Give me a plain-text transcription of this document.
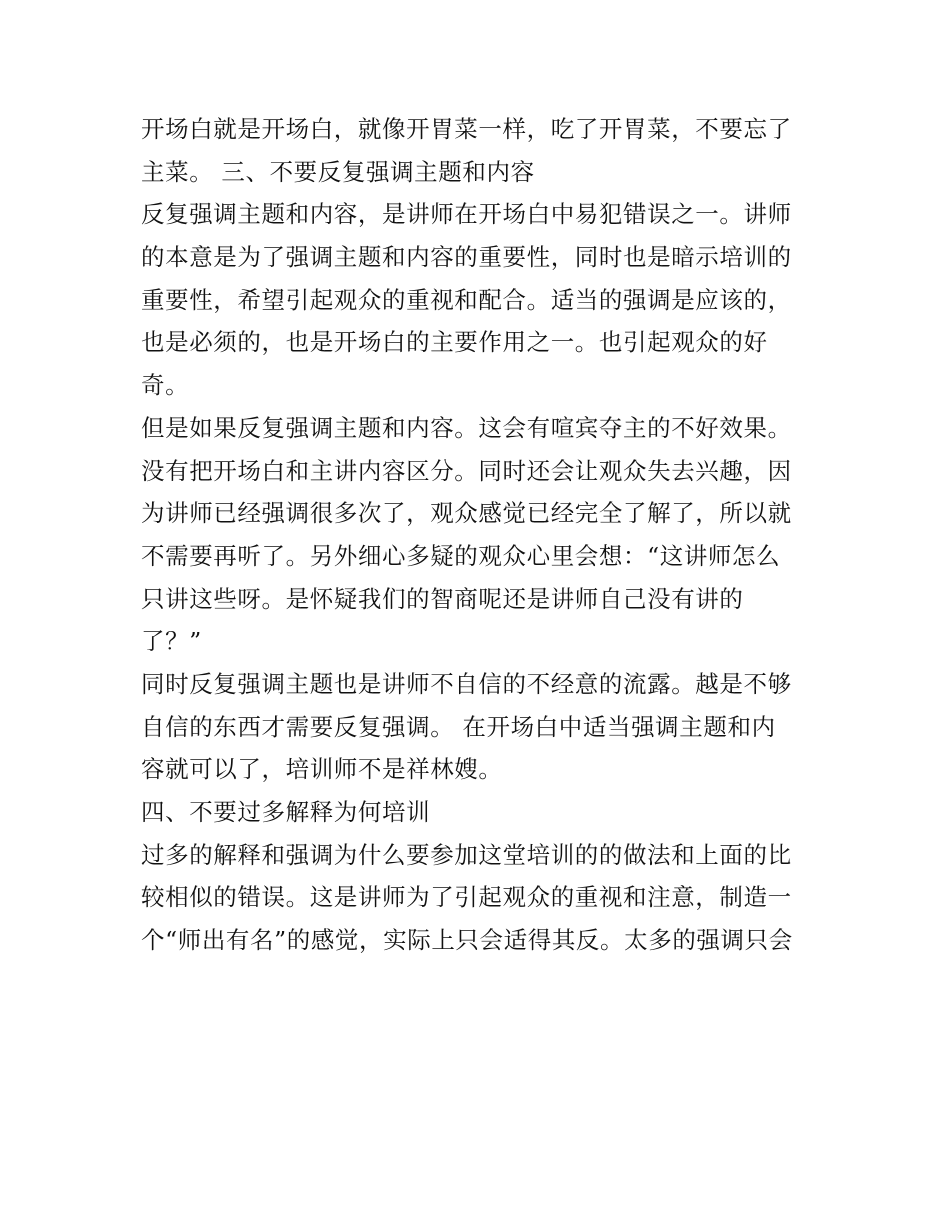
开场白就是开场白，就像开胃菜一样，吃了开胃菜，不要忘了
主菜。 三、不要反复强调主题和内容
反复强调主题和内容，是讲师在开场白中易犯错误之一。讲师
的本意是为了强调主题和内容的重要性，同时也是暗示培训的
重要性，希望引起观众的重视和配合。适当的强调是应该的，
也是必须的，也是开场白的主要作用之一。也引起观众的好
奇。
但是如果反复强调主题和内容。这会有喧宾夺主的不好效果。
没有把开场白和主讲内容区分。同时还会让观众失去兴趣，因
为讲师已经强调很多次了，观众感觉已经完全了解了，所以就
不需要再听了。另外细心多疑的观众心里会想：“这讲师怎么
只讲这些呀。是怀疑我们的智商呢还是讲师自己没有讲的
了？”
同时反复强调主题也是讲师不自信的不经意的流露。越是不够
自信的东西才需要反复强调。 在开场白中适当强调主题和内
容就可以了，培训师不是祥林嫂。
四、不要过多解释为何培训
过多的解释和强调为什么要参加这堂培训的的做法和上面的比
较相似的错误。这是讲师为了引起观众的重视和注意，制造一
个“师出有名”的感觉，实际上只会适得其反。太多的强调只会
